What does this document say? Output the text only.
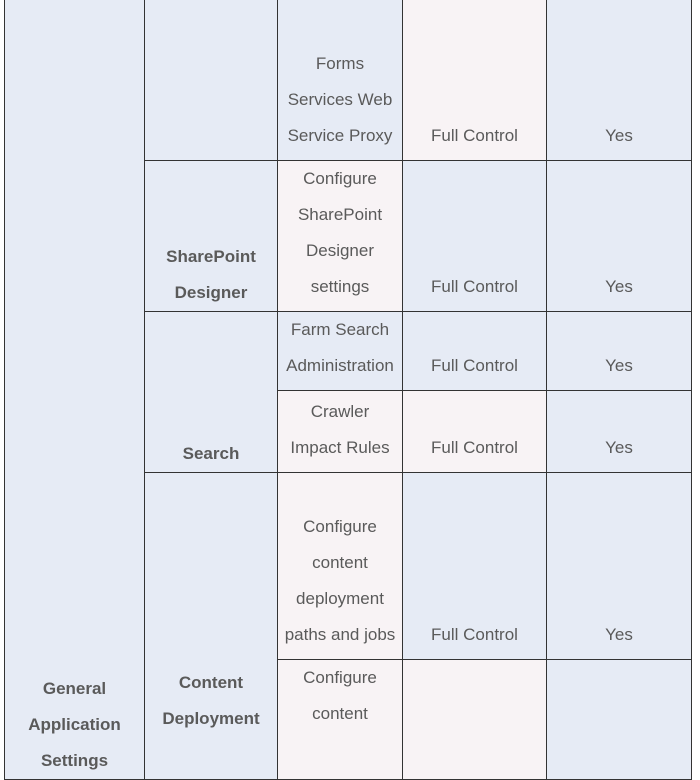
General Application Settings		Forms Services Web Service Proxy	Full Control	Yes
	SharePoint Designer	Configure SharePoint Designer settings	Full Control	Yes
	Search	Farm Search Administration	Full Control	Yes
		Crawler Impact Rules	Full Control	Yes
	Content Deployment	Configure content deployment paths and jobs	Full Control	Yes
		Configure content		
